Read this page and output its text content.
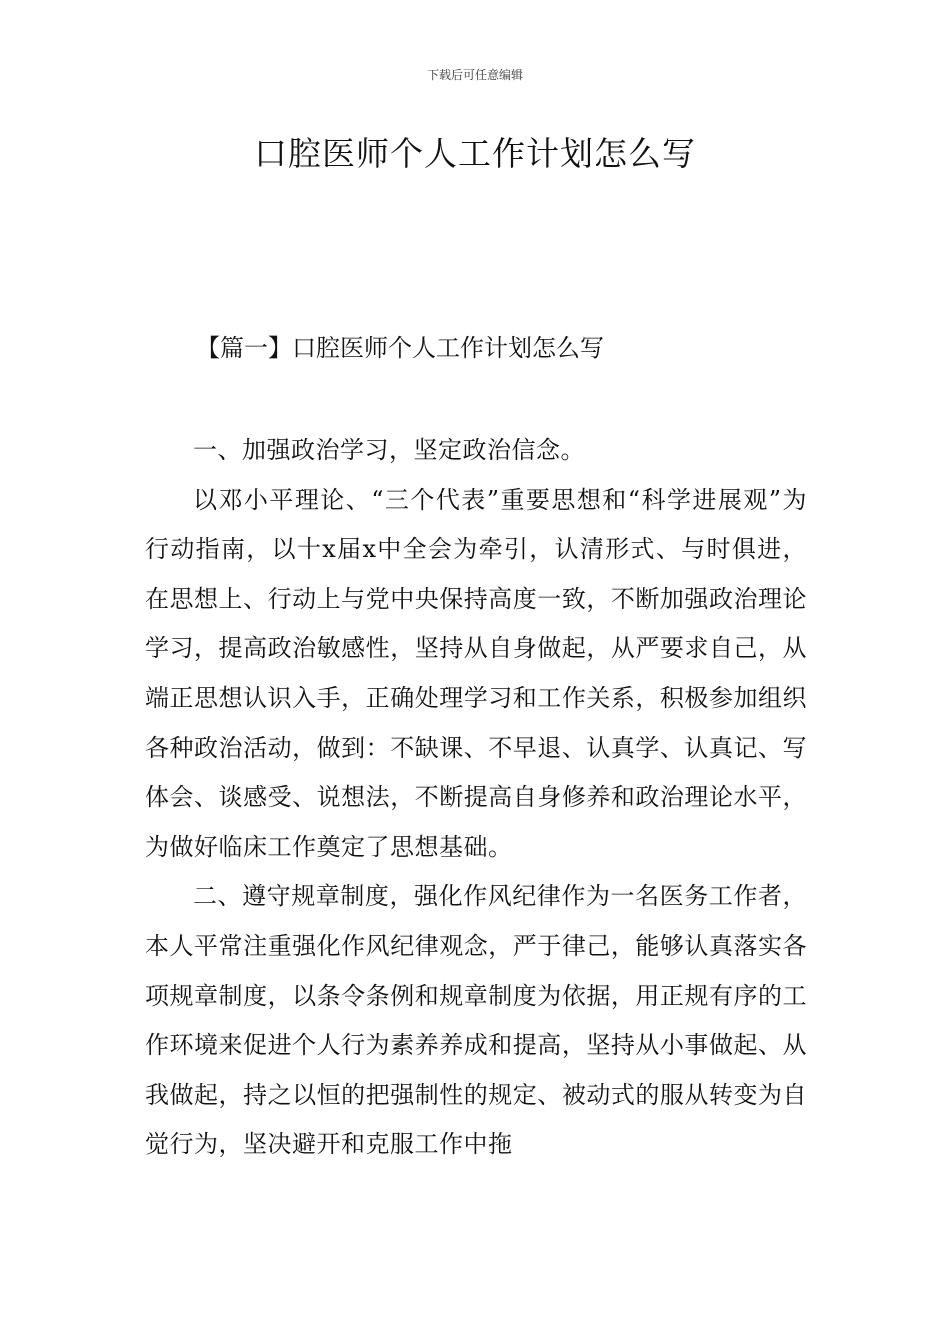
下载后可任意编辑
口腔医师个人工作计划怎么写
【篇一】口腔医师个人工作计划怎么写

一、加强政治学习，坚定政治信念。

以邓小平理论、“三个代表”重要思想和“科学进展观”为行动指南，以十x届x中全会为牵引，认清形式、与时俱进，在思想上、行动上与党中央保持高度一致，不断加强政治理论学习，提高政治敏感性，坚持从自身做起，从严要求自己，从端正思想认识入手，正确处理学习和工作关系，积极参加组织各种政治活动，做到：不缺课、不早退、认真学、认真记、写体会、谈感受、说想法，不断提高自身修养和政治理论水平，为做好临床工作奠定了思想基础。

二、遵守规章制度，强化作风纪律作为一名医务工作者，本人平常注重强化作风纪律观念，严于律己，能够认真落实各项规章制度，以条令条例和规章制度为依据，用正规有序的工作环境来促进个人行为素养养成和提高，坚持从小事做起、从我做起，持之以恒的把强制性的规定、被动式的服从转变为自觉行为，坚决避开和克服工作中拖
